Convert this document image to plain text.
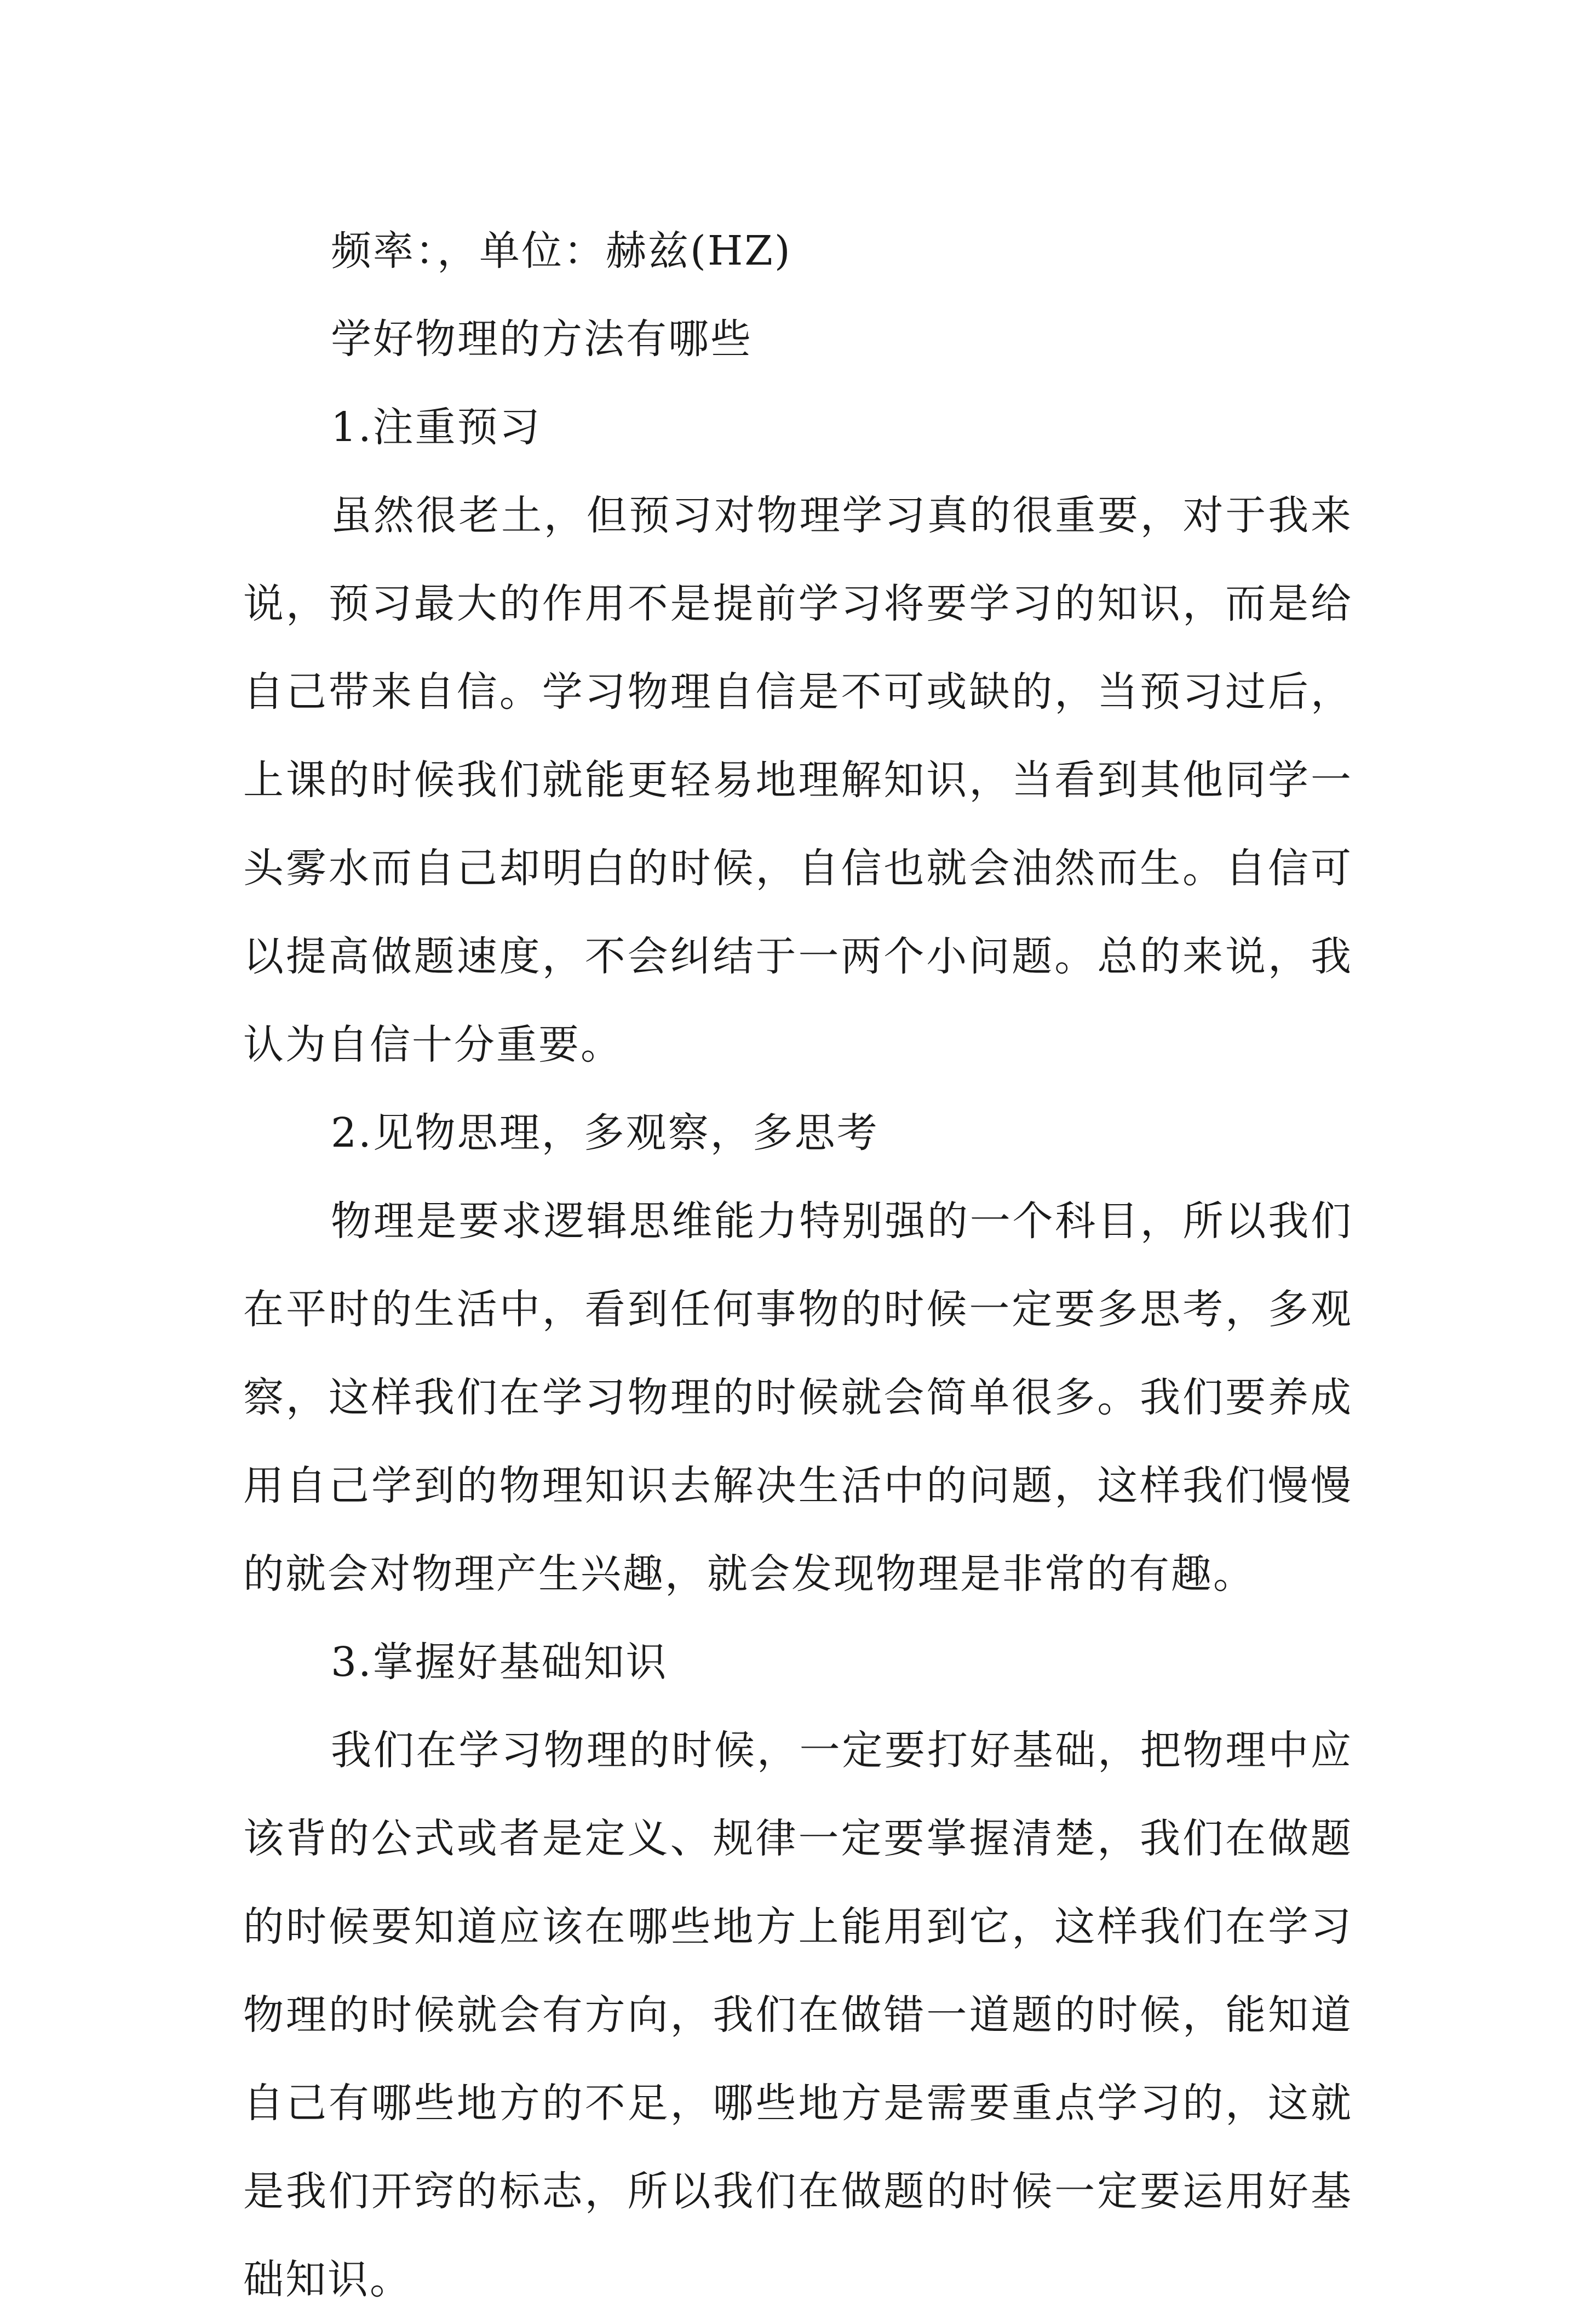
频率：，单位：赫兹(HZ)
学好物理的方法有哪些
1.注重预习
虽然很老土，但预习对物理学习真的很重要，对于我来
说，预习最大的作用不是提前学习将要学习的知识，而是给
自己带来自信。学习物理自信是不可或缺的，当预习过后，
上课的时候我们就能更轻易地理解知识，当看到其他同学一
头雾水而自己却明白的时候，自信也就会油然而生。自信可
以提高做题速度，不会纠结于一两个小问题。总的来说，我
认为自信十分重要。
2.见物思理，多观察，多思考
物理是要求逻辑思维能力特别强的一个科目，所以我们
在平时的生活中，看到任何事物的时候一定要多思考，多观
察，这样我们在学习物理的时候就会简单很多。我们要养成
用自己学到的物理知识去解决生活中的问题，这样我们慢慢
的就会对物理产生兴趣，就会发现物理是非常的有趣。
3.掌握好基础知识
我们在学习物理的时候，一定要打好基础，把物理中应
该背的公式或者是定义、规律一定要掌握清楚，我们在做题
的时候要知道应该在哪些地方上能用到它，这样我们在学习
物理的时候就会有方向，我们在做错一道题的时候，能知道
自己有哪些地方的不足，哪些地方是需要重点学习的，这就
是我们开窍的标志，所以我们在做题的时候一定要运用好基
础知识。
